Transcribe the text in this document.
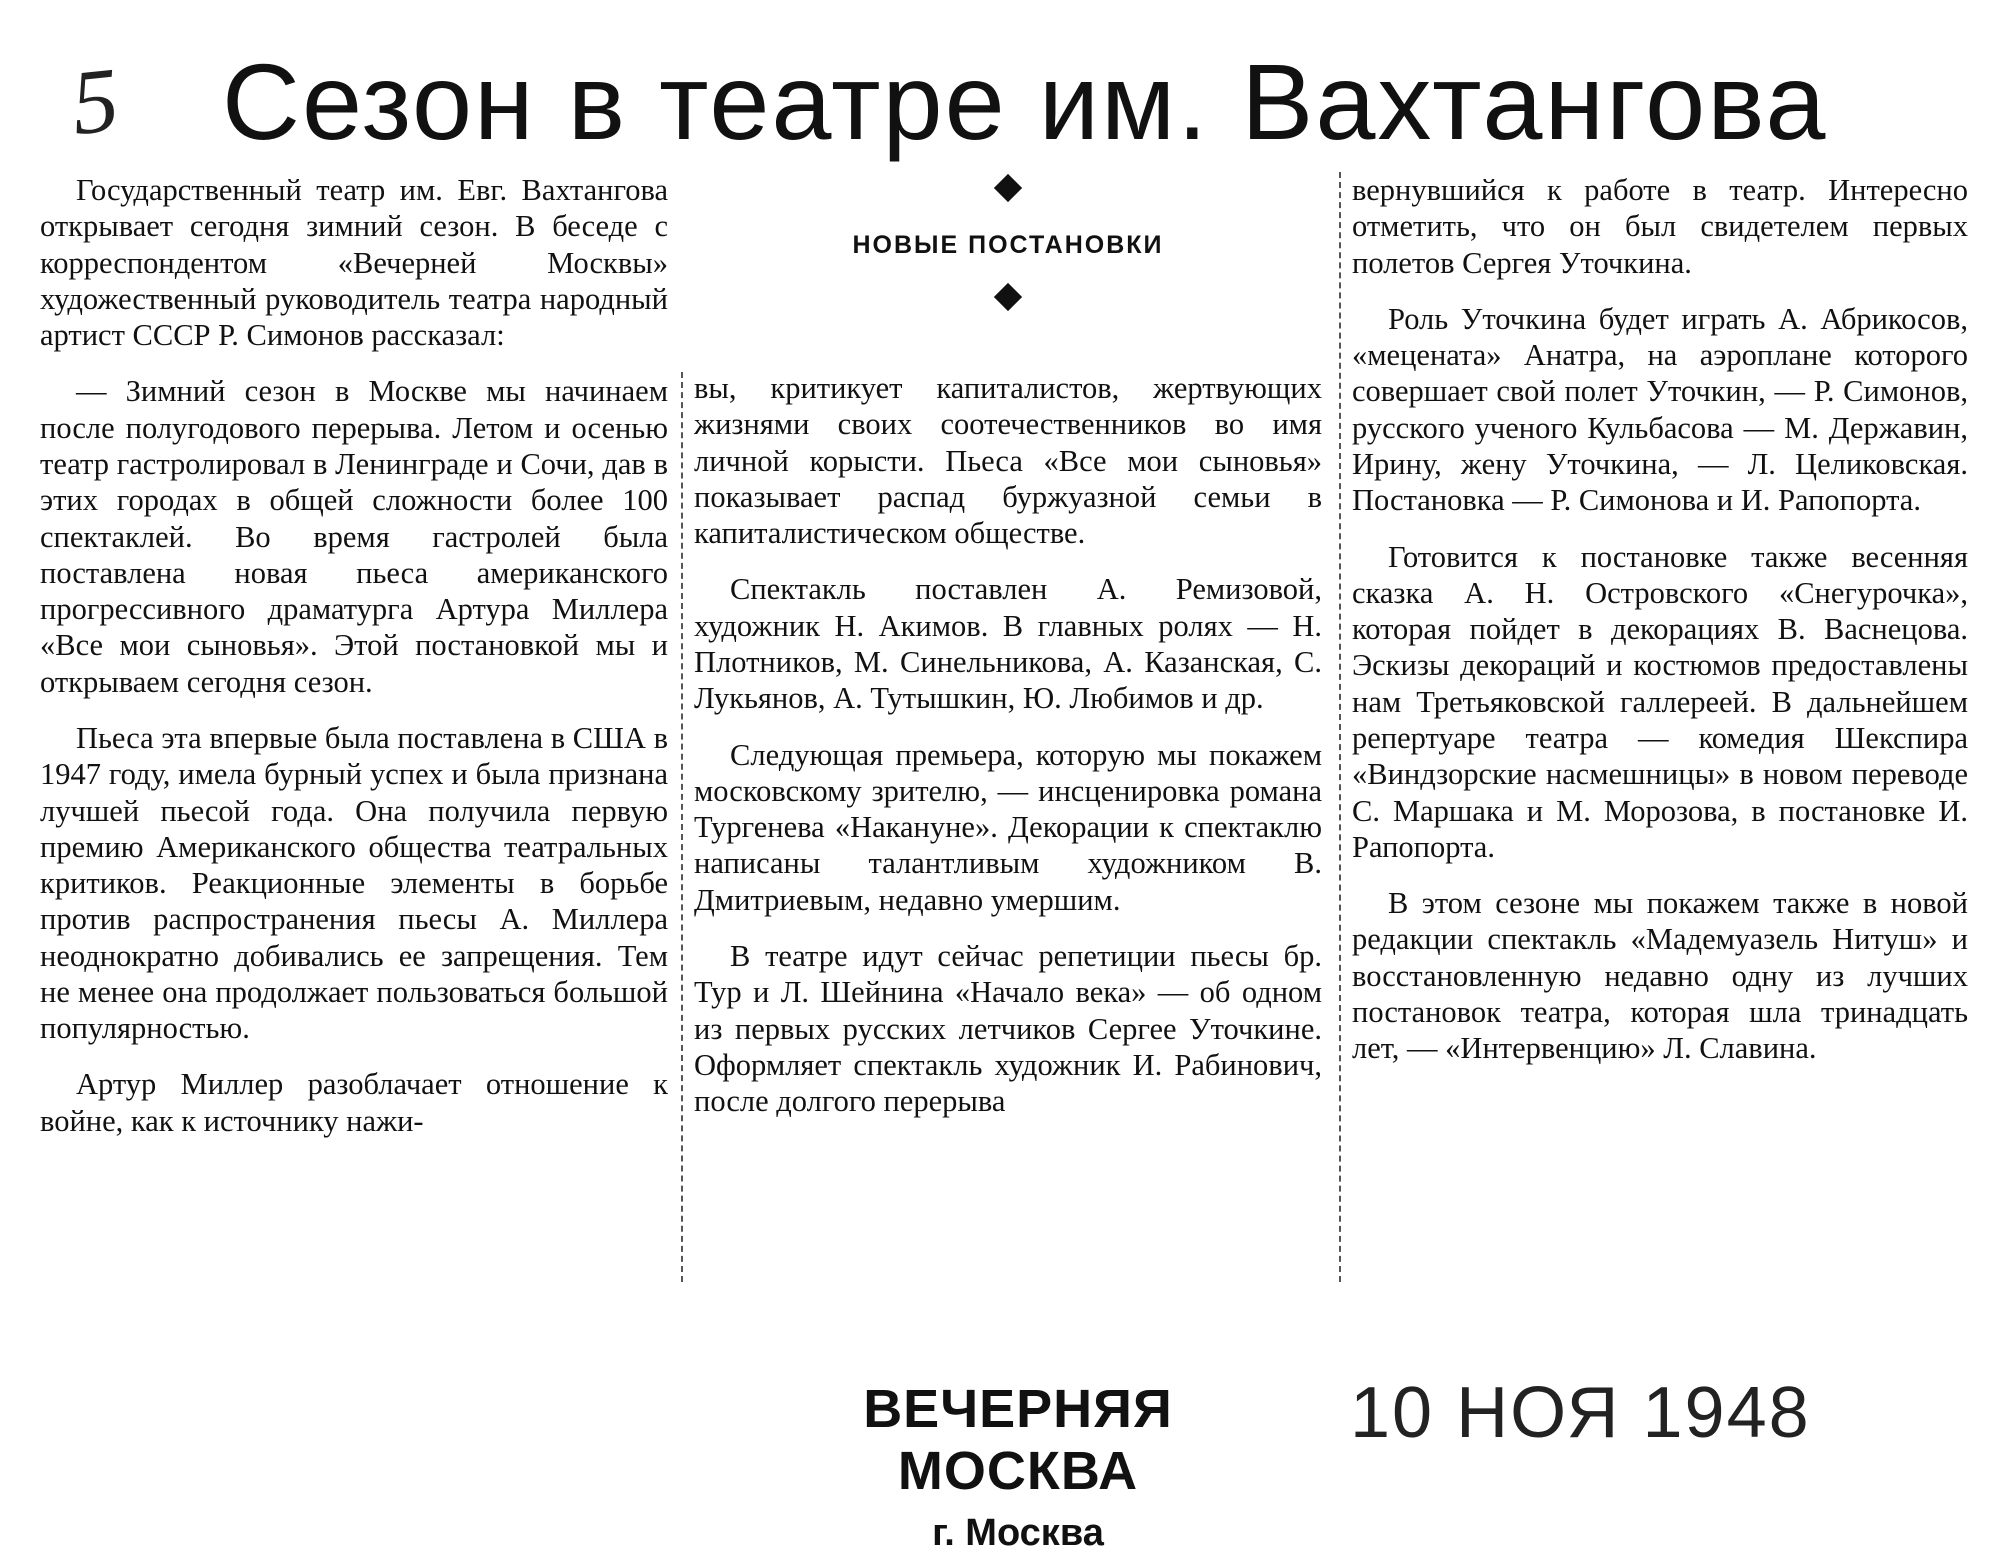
5 Сезон в театре им. Вахтангова

Государственный театр им. Евг. Вахтангова открывает сегодня зимний сезон. В беседе с корреспондентом «Вечерней Москвы» художественный руководитель театра народный артист СССР Р. Симонов рассказал:

— Зимний сезон в Москве мы начинаем после полугодового перерыва. Летом и осенью театр гастролировал в Ленинграде и Сочи, дав в этих городах в общей сложности более 100 спектаклей. Во время гастролей была поставлена новая пьеса американского прогрессивного драматурга Артура Миллера «Все мои сыновья». Этой постановкой мы и открываем сегодня сезон.

Пьеса эта впервые была поставлена в США в 1947 году, имела бурный успех и была признана лучшей пьесой года. Она получила первую премию Американского общества театральных критиков. Реакционные элементы в борьбе против распространения пьесы А. Миллера неоднократно добивались ее запрещения. Тем не менее она продолжает пользоваться большой популярностью.

Артур Миллер разоблачает отношение к войне, как к источнику нажи-

НОВЫЕ ПОСТАНОВКИ

вы, критикует капиталистов, жертвующих жизнями своих соотечественников во имя личной корысти. Пьеса «Все мои сыновья» показывает распад буржуазной семьи в капиталистическом обществе.

Спектакль поставлен А. Ремизовой, художник Н. Акимов. В главных ролях — Н. Плотников, М. Синельникова, А. Казанская, С. Лукьянов, А. Тутышкин, Ю. Любимов и др.

Следующая премьера, которую мы покажем московскому зрителю, — инсценировка романа Тургенева «Накануне». Декорации к спектаклю написаны талантливым художником В. Дмитриевым, недавно умершим.

В театре идут сейчас репетиции пьесы бр. Тур и Л. Шейнина «Начало века» — об одном из первых русских летчиков Сергее Уточкине. Оформляет спектакль художник И. Рабинович, после долгого перерыва

вернувшийся к работе в театр. Интересно отметить, что он был свидетелем первых полетов Сергея Уточкина.

Роль Уточкина будет играть А. Абрикосов, «мецената» Анатра, на аэроплане которого совершает свой полет Уточкин, — Р. Симонов, русского ученого Кульбасова — М. Державин, Ирину, жену Уточкина, — Л. Целиковская. Постановка — Р. Симонова и И. Рапопорта.

Готовится к постановке также весенняя сказка А. Н. Островского «Снегурочка», которая пойдет в декорациях В. Васнецова. Эскизы декораций и костюмов предоставлены нам Третьяковской галлереей. В дальнейшем репертуаре театра — комедия Шекспира «Виндзорские насмешницы» в новом переводе С. Маршака и М. Морозова, в постановке И. Рапопорта.

В этом сезоне мы покажем также в новой редакции спектакль «Мадемуазель Нитуш» и восстановленную недавно одну из лучших постановок театра, которая шла тринадцать лет, — «Интервенцию» Л. Славина.

ВЕЧЕРНЯЯ МОСКВА
г. Москва
10 НОЯ 1948
